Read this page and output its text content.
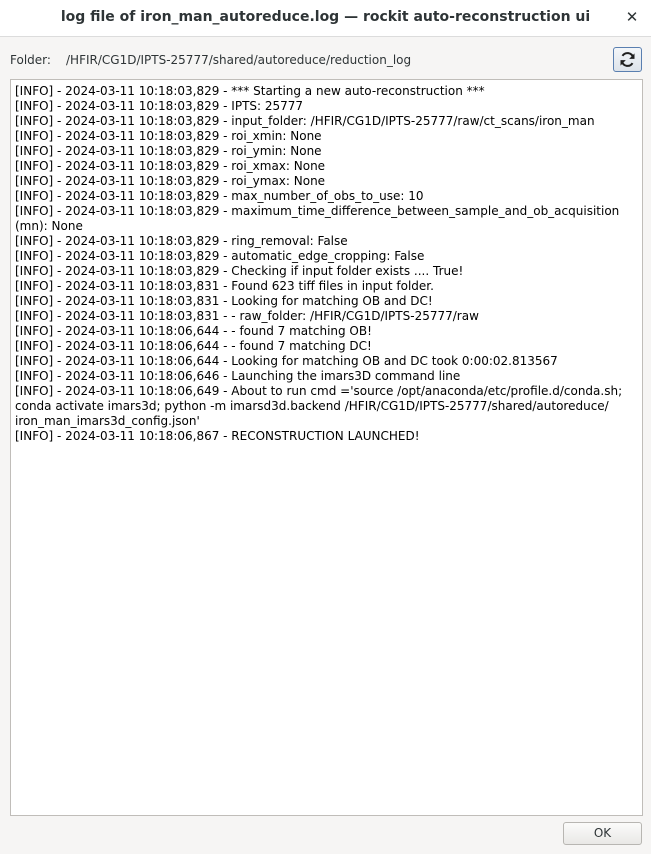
log file of iron_man_autoreduce.log — rockit auto-reconstruction ui	✕
Folder: /HFIR/CG1D/IPTS-25777/shared/autoreduce/reduction_log
[INFO] - 2024-03-11 10:18:03,829 - *** Starting a new auto-reconstruction ***
[INFO] - 2024-03-11 10:18:03,829 - IPTS: 25777
[INFO] - 2024-03-11 10:18:03,829 - input_folder: /HFIR/CG1D/IPTS-25777/raw/ct_scans/iron_man
[INFO] - 2024-03-11 10:18:03,829 - roi_xmin: None
[INFO] - 2024-03-11 10:18:03,829 - roi_ymin: None
[INFO] - 2024-03-11 10:18:03,829 - roi_xmax: None
[INFO] - 2024-03-11 10:18:03,829 - roi_ymax: None
[INFO] - 2024-03-11 10:18:03,829 - max_number_of_obs_to_use: 10
[INFO] - 2024-03-11 10:18:03,829 - maximum_time_difference_between_sample_and_ob_acquisition
(mn): None
[INFO] - 2024-03-11 10:18:03,829 - ring_removal: False
[INFO] - 2024-03-11 10:18:03,829 - automatic_edge_cropping: False
[INFO] - 2024-03-11 10:18:03,829 - Checking if input folder exists .... True!
[INFO] - 2024-03-11 10:18:03,831 - Found 623 tiff files in input folder.
[INFO] - 2024-03-11 10:18:03,831 - Looking for matching OB and DC!
[INFO] - 2024-03-11 10:18:03,831 - - raw_folder: /HFIR/CG1D/IPTS-25777/raw
[INFO] - 2024-03-11 10:18:06,644 - - found 7 matching OB!
[INFO] - 2024-03-11 10:18:06,644 - - found 7 matching DC!
[INFO] - 2024-03-11 10:18:06,644 - Looking for matching OB and DC took 0:00:02.813567
[INFO] - 2024-03-11 10:18:06,646 - Launching the imars3D command line
[INFO] - 2024-03-11 10:18:06,649 - About to run cmd ='source /opt/anaconda/etc/profile.d/conda.sh;
conda activate imars3d; python -m imarsd3d.backend /HFIR/CG1D/IPTS-25777/shared/autoreduce/
iron_man_imars3d_config.json'
[INFO] - 2024-03-11 10:18:06,867 - RECONSTRUCTION LAUNCHED!
OK
